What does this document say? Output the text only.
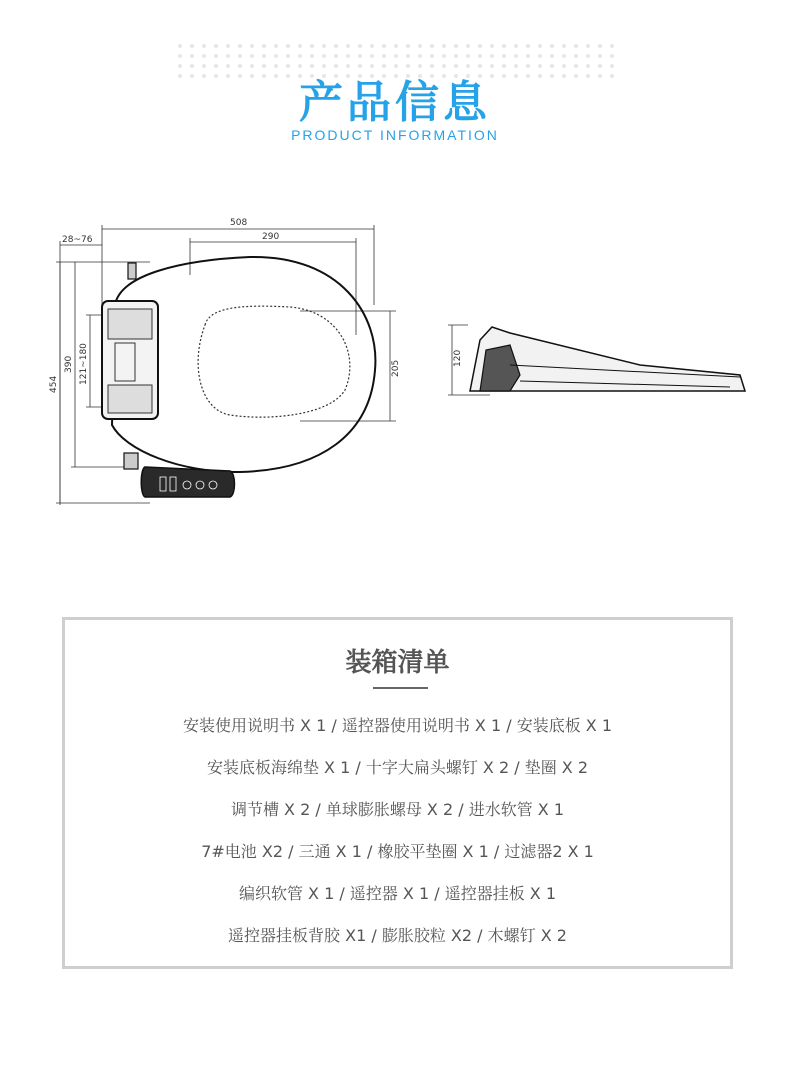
产品信息
PRODUCT INFORMATION
508
290
28~76
454
390 121~180	205
120
装箱清单
安装使用说明书 X 1 / 遥控器使用说明书 X 1 / 安装底板 X 1
安装底板海绵垫 X 1 / 十字大扁头螺钉 X 2 / 垫圈 X 2
调节槽 X 2 / 单球膨胀螺母 X 2 / 进水软管 X 1
7#电池 X2 / 三通 X 1 / 橡胶平垫圈 X 1 / 过滤器2 X 1
编织软管 X 1 / 遥控器 X 1 / 遥控器挂板 X 1
遥控器挂板背胶 X1 / 膨胀胶粒 X2 / 木螺钉 X 2
